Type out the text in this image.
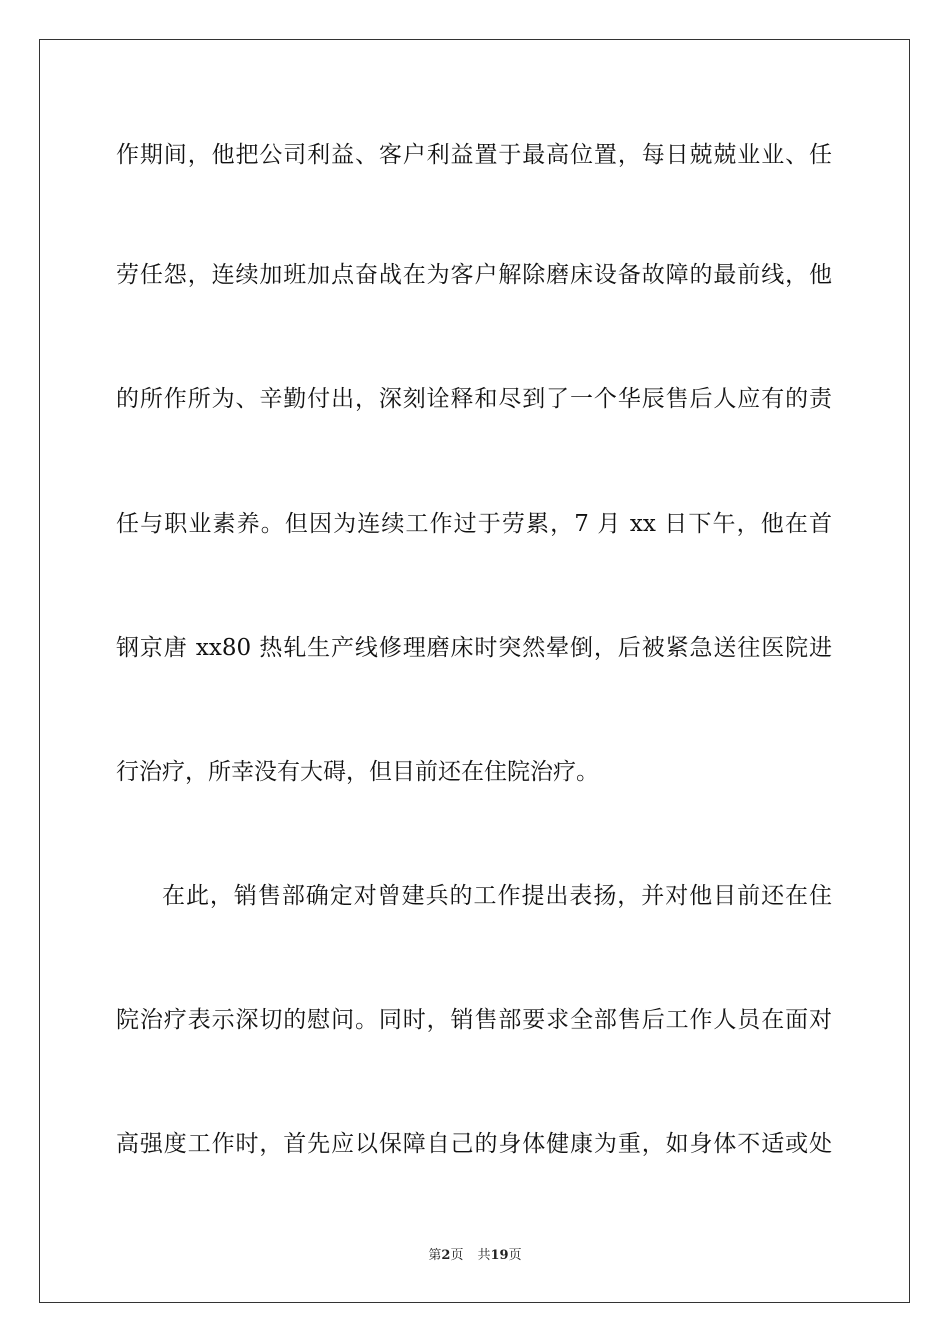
作期间，他把公司利益、客户利益置于最高位置，每日兢兢业业、任
劳任怨，连续加班加点奋战在为客户解除磨床设备故障的最前线，他
的所作所为、辛勤付出，深刻诠释和尽到了一个华辰售后人应有的责
任与职业素养。但因为连续工作过于劳累，7 月 xx 日下午，他在首
钢京唐 xx80 热轧生产线修理磨床时突然晕倒，后被紧急送往医院进
行治疗，所幸没有大碍，但目前还在住院治疗。
在此，销售部确定对曾建兵的工作提出表扬，并对他目前还在住
院治疗表示深切的慰问。同时，销售部要求全部售后工作人员在面对
高强度工作时，首先应以保障自己的身体健康为重，如身体不适或处
第2页 共19页
